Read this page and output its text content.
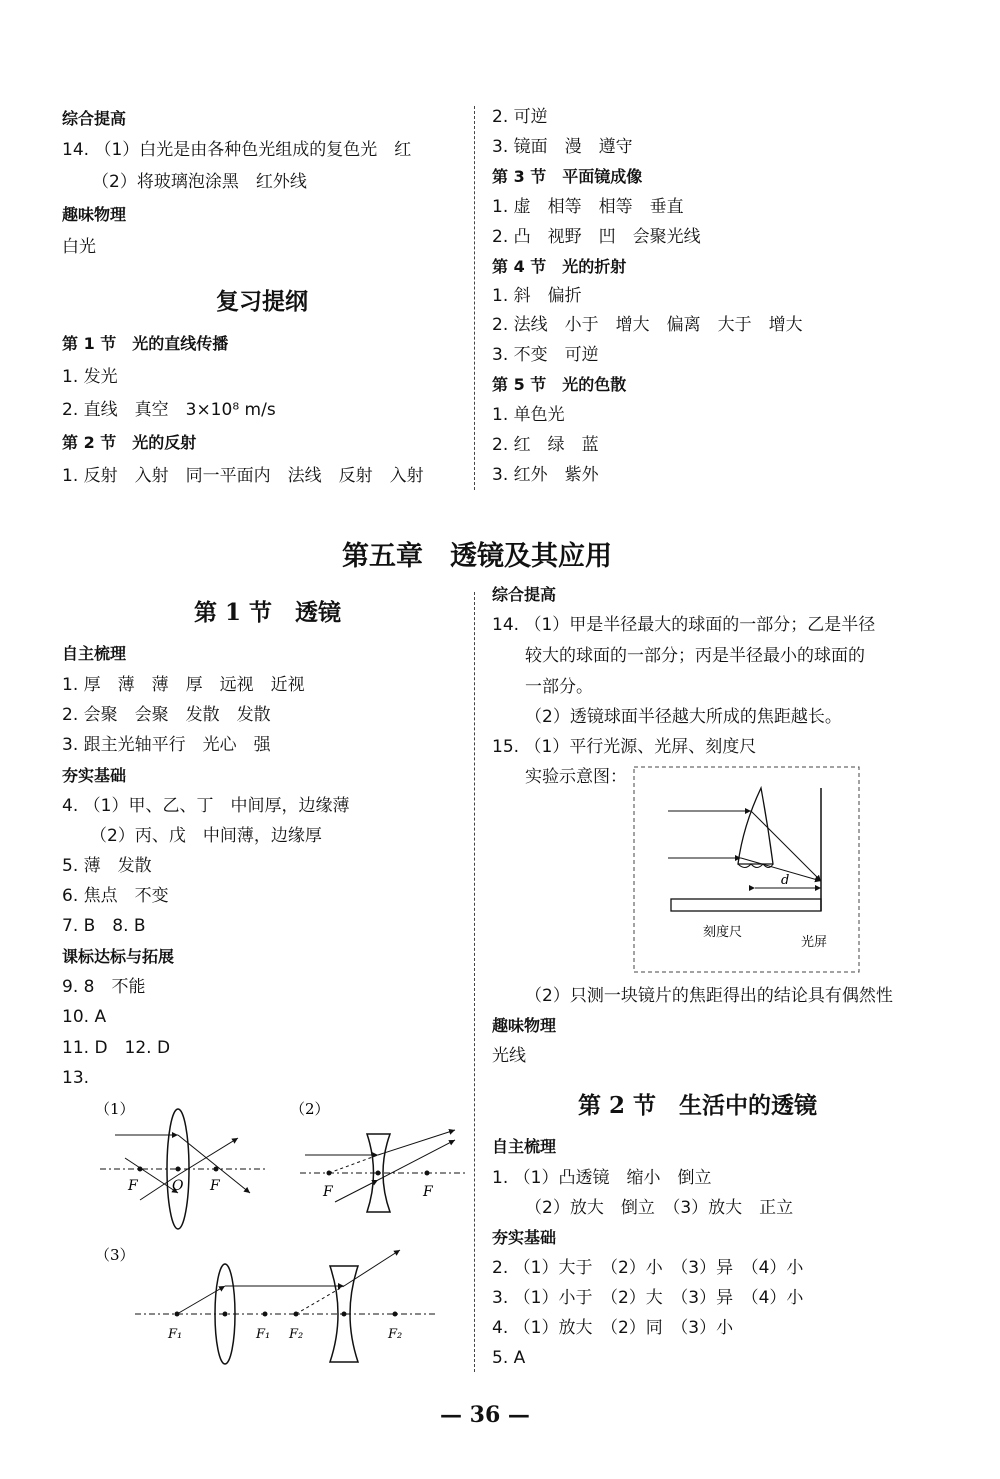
综合提高
14. （1）白光是由各种色光组成的复色光　红
（2）将玻璃泡涂黑　红外线
趣味物理
白光
复习提纲
第 1 节　光的直线传播
1. 发光
2. 直线　真空　3×10⁸ m/s
第 2 节　光的反射
1. 反射　入射　同一平面内　法线　反射　入射
2. 可逆
3. 镜面　漫　遵守
第 3 节　平面镜成像
1. 虚　相等　相等　垂直
2. 凸　视野　凹　会聚光线
第 4 节　光的折射
1. 斜　偏折
2. 法线　小于　增大　偏离　大于　增大
3. 不变　可逆
第 5 节　光的色散
1. 单色光
2. 红　绿　蓝
3. 红外　紫外
第五章　透镜及其应用
第 1 节　透镜
自主梳理
1. 厚　薄　薄　厚　远视　近视
2. 会聚　会聚　发散　发散
3. 跟主光轴平行　光心　强
夯实基础
4. （1）甲、乙、丁　中间厚，边缘薄
（2）丙、戊　中间薄，边缘厚
5. 薄　发散
6. 焦点　不变
7. B　8. B
课标达标与拓展
9. 8　不能
10. A
11. D　12. D
13.
（1）
F O F
（2）
F	F
（3）
F₁	F₁ F₂	F₂
综合提高
14. （1）甲是半径最大的球面的一部分；乙是半径
较大的球面的一部分；丙是半径最小的球面的
一部分。
（2）透镜球面半径越大所成的焦距越长。
15. （1）平行光源、光屏、刻度尺
实验示意图：
d
刻度尺
光屏
（2）只测一块镜片的焦距得出的结论具有偶然性
趣味物理
光线
第 2 节　生活中的透镜
自主梳理
1. （1）凸透镜　缩小　倒立
（2）放大　倒立　（3）放大　正立
夯实基础
2. （1）大于　（2）小　（3）异　（4）小
3. （1）小于　（2）大　（3）异　（4）小
4. （1）放大　（2）同　（3）小
5. A
— 36 —
